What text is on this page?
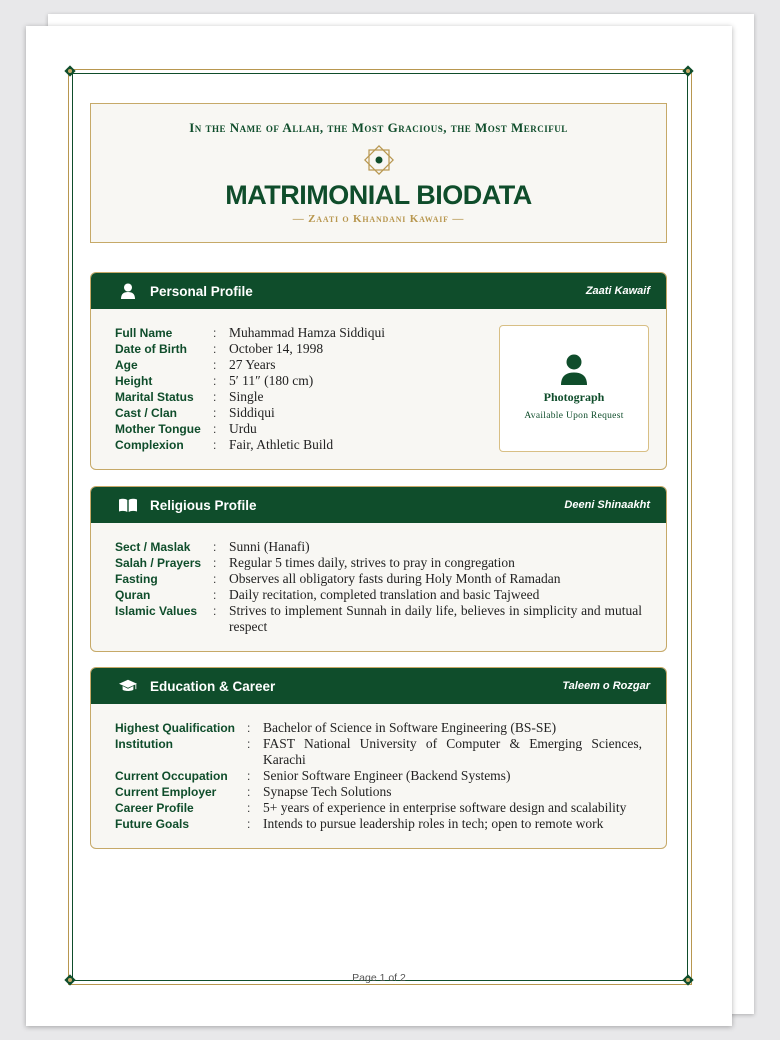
In the Name of Allah, the Most Gracious, the Most Merciful
MATRIMONIAL BIODATA
— Zaati o Khandani Kawaif —
Personal Profile	Zaati Kawaif
Full Name	: Muhammad Hamza Siddiqui
Date of Birth	: October 14, 1998
Age	: 27 Years
Height	: 5′ 11″ (180 cm)
Marital Status	: Single
Cast / Clan	: Siddiqui
Mother Tongue	: Urdu
Complexion	: Fair, Athletic Build
Photograph
Available Upon Request
Religious Profile	Deeni Shinaakht
Sect / Maslak	: Sunni (Hanafi)
Salah / Prayers : Regular 5 times daily, strives to pray in congregation
Fasting	: Observes all obligatory fasts during Holy Month of Ramadan
Quran	: Daily recitation, completed translation and basic Tajweed
Islamic Values	: Strives to implement Sunnah in daily life, believes in simplicity and mutual respect
Education & Career	Taleem o Rozgar
Highest Qualification : Bachelor of Science in Software Engineering (BS-SE)
Institution	: FAST National University of Computer & Emerging Sciences, Karachi
Current Occupation	: Senior Software Engineer (Backend Systems)
Current Employer	: Synapse Tech Solutions
Career Profile	: 5+ years of experience in enterprise software design and scalability
Future Goals	: Intends to pursue leadership roles in tech; open to remote work
Page 1 of 2
